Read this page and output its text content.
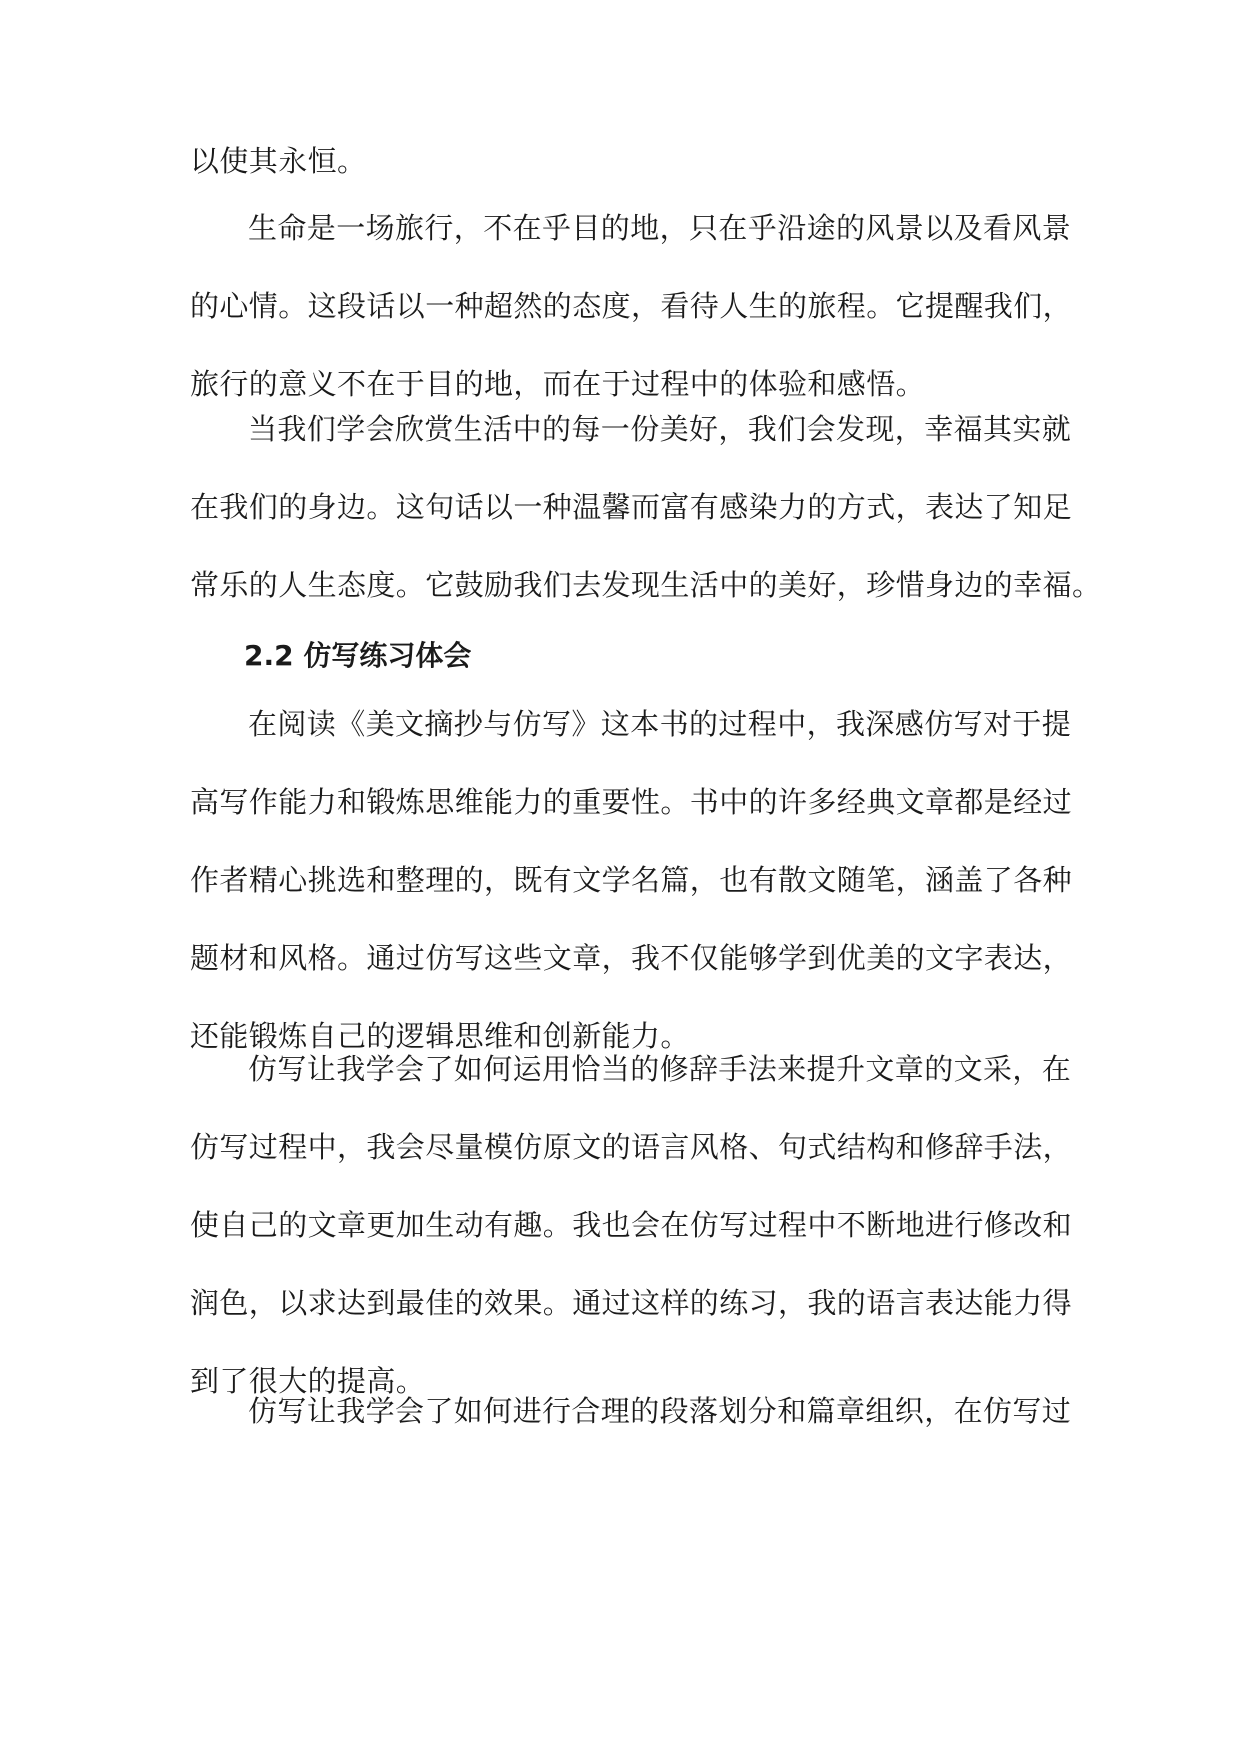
以使其永恒。

生命是一场旅行，不在乎目的地，只在乎沿途的风景以及看风景

的心情。这段话以一种超然的态度，看待人生的旅程。它提醒我们，

旅行的意义不在于目的地，而在于过程中的体验和感悟。

当我们学会欣赏生活中的每一份美好，我们会发现，幸福其实就

在我们的身边。这句话以一种温馨而富有感染力的方式，表达了知足

常乐的人生态度。它鼓励我们去发现生活中的美好，珍惜身边的幸福。

2.2 仿写练习体会

在阅读《美文摘抄与仿写》这本书的过程中，我深感仿写对于提

高写作能力和锻炼思维能力的重要性。书中的许多经典文章都是经过

作者精心挑选和整理的，既有文学名篇，也有散文随笔，涵盖了各种

题材和风格。通过仿写这些文章，我不仅能够学到优美的文字表达，

还能锻炼自己的逻辑思维和创新能力。

仿写让我学会了如何运用恰当的修辞手法来提升文章的文采，在

仿写过程中，我会尽量模仿原文的语言风格、句式结构和修辞手法，

使自己的文章更加生动有趣。我也会在仿写过程中不断地进行修改和

润色，以求达到最佳的效果。通过这样的练习，我的语言表达能力得

到了很大的提高。

仿写让我学会了如何进行合理的段落划分和篇章组织，在仿写过
